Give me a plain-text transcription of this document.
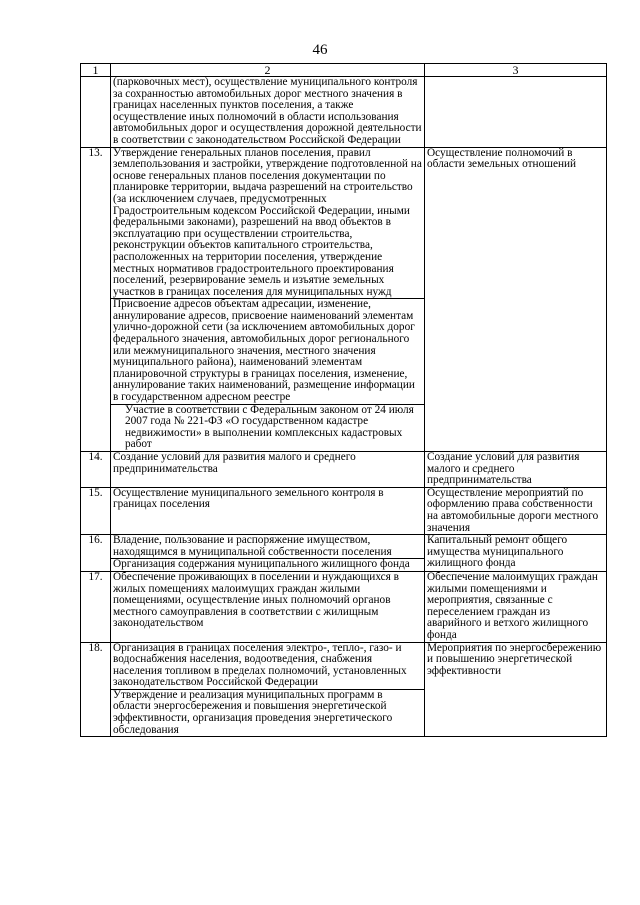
46
1	2	3

	(парковочных мест), осуществление муниципального контроля за сохранностью автомобильных дорог местного значения в границах населенных пунктов поселения, а также осуществление иных полномочий в области использования автомобильных дорог и осуществления дорожной деятельности в соответствии с законодательством Российской Федерации	

13.	Утверждение генеральных планов поселения, правил землепользования и застройки, утверждение подготовленной на основе генеральных планов поселения документации по планировке территории, выдача разрешений на строительство (за исключением случаев, предусмотренных Градостроительным кодексом Российской Федерации, иными федеральными законами), разрешений на ввод объектов в эксплуатацию при осуществлении строительства, реконструкции объектов капитального строительства, расположенных на территории поселения, утверждение местных нормативов градостроительного проектирования поселений, резервирование земель и изъятие земельных участков в границах поселения для муниципальных нужд
Присвоение адресов объектам адресации, изменение, аннулирование адресов, присвоение наименований элементам улично-дорожной сети (за исключением автомобильных дорог федерального значения, автомобильных дорог регионального или межмуниципального значения, местного значения муниципального района), наименований элементам планировочной структуры в границах поселения, изменение, аннулирование таких наименований, размещение информации в государственном адресном реестре
Участие в соответствии с Федеральным законом от 24 июля 2007 года № 221-ФЗ «О государственном кадастре недвижимости» в выполнении комплексных кадастровых работ	Осуществление полномочий в области земельных отношений
14.	Создание условий для развития малого и среднего предпринимательства	Создание условий для развития малого и среднего предпринимательства
15.	Осуществление муниципального земельного контроля в границах поселения	Осуществление мероприятий по оформлению права собственности на автомобильные дороги местного значения
16.	Владение, пользование и распоряжение имуществом, находящимся в муниципальной собственности поселения
Организация содержания муниципального жилищного фонда	Капитальный ремонт общего имущества муниципального жилищного фонда
17.	Обеспечение проживающих в поселении и нуждающихся в жилых помещениях малоимущих граждан жилыми помещениями, осуществление иных полномочий органов местного самоуправления в соответствии с жилищным законодательством	Обеспечение малоимущих граждан жилыми помещениями и мероприятия, связанные с переселением граждан из аварийного и ветхого жилищного фонда
18.	Организация в границах поселения электро-, тепло-, газо- и водоснабжения населения, водоотведения, снабжения населения топливом в пределах полномочий, установленных законодательством Российской Федерации
Утверждение и реализация муниципальных программ в области энергосбережения и повышения энергетической эффективности, организация проведения энергетического обследования	Мероприятия по энергосбережению и повышению энергетической эффективности
